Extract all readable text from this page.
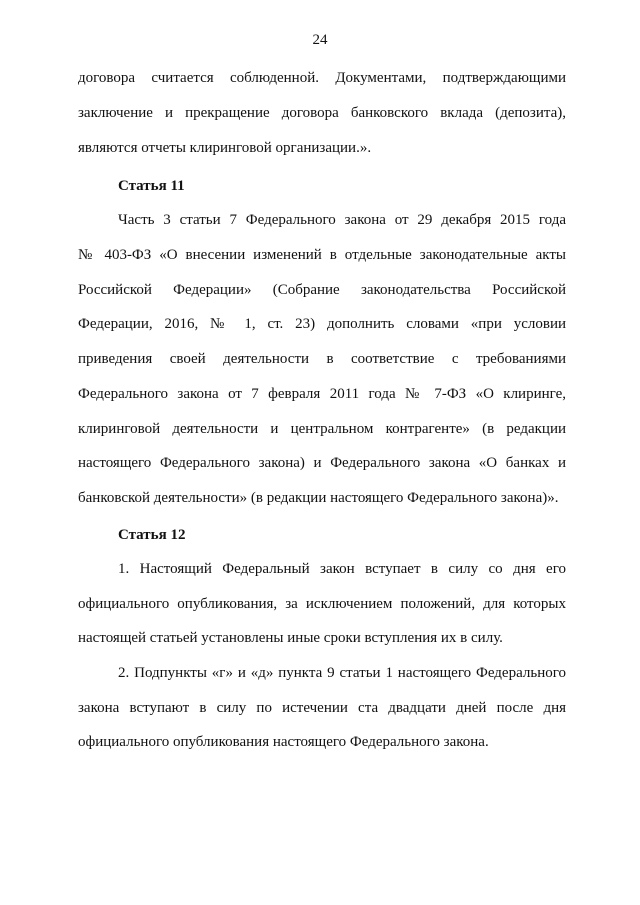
24
договора считается соблюденной. Документами, подтверждающими
заключение и прекращение договора банковского вклада (депозита),
являются отчеты клиринговой организации.».
Статья 11
Часть 3 статьи 7 Федерального закона от 29 декабря 2015 года
№ 403-ФЗ «О внесении изменений в отдельные законодательные акты
Российской Федерации» (Собрание законодательства Российской
Федерации, 2016, № 1, ст. 23) дополнить словами «при условии
приведения своей деятельности в соответствие с требованиями
Федерального закона от 7 февраля 2011 года № 7-ФЗ «О клиринге,
клиринговой деятельности и центральном контрагенте» (в редакции
настоящего Федерального закона) и Федерального закона «О банках и
банковской деятельности» (в редакции настоящего Федерального закона)».
Статья 12
1. Настоящий Федеральный закон вступает в силу со дня его
официального опубликования, за исключением положений, для которых
настоящей статьей установлены иные сроки вступления их в силу.
2. Подпункты «г» и «д» пункта 9 статьи 1 настоящего Федерального
закона вступают в силу по истечении ста двадцати дней после дня
официального опубликования настоящего Федерального закона.
